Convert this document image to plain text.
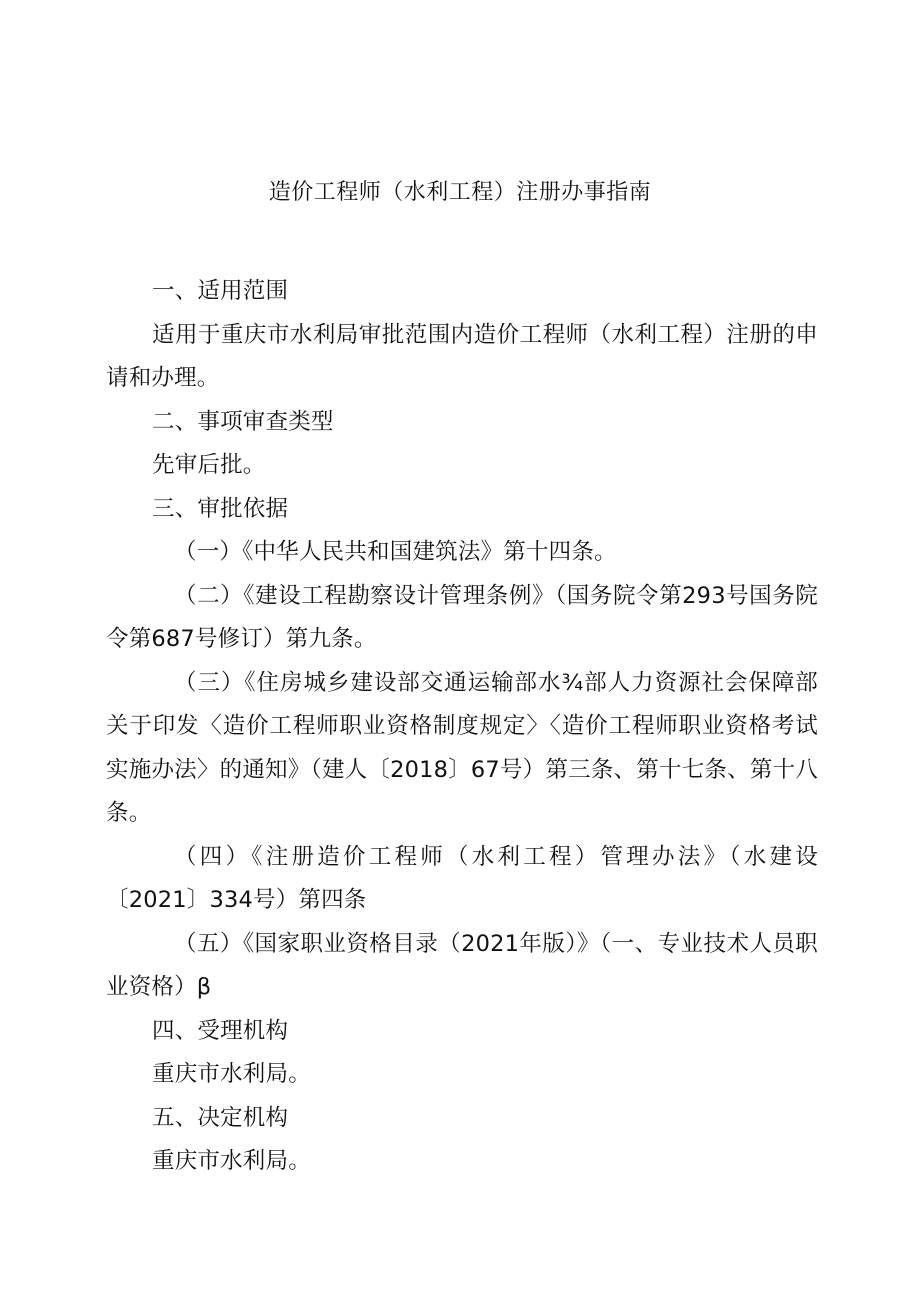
造价工程师（水利工程）注册办事指南

一、适用范围

适用于重庆市水利局审批范围内造价工程师（水利工程）注册的申请和办理。

二、事项审查类型

先审后批。

三、审批依据

（一）《中华人民共和国建筑法》第十四条。

（二）《建设工程勘察设计管理条例》（国务院令第293号国务院令第687号修订）第九条。

（三）《住房城乡建设部交通运输部水¾部人力资源社会保障部关于印发〈造价工程师职业资格制度规定〉〈造价工程师职业资格考试实施办法〉的通知》（建人〔2018〕67号）第三条、第十七条、第十八条。

（四）《注册造价工程师（水利工程）管理办法》（水建设〔2021〕334号）第四条

（五）《国家职业资格目录（2021年版）》（一、专业技术人员职业资格）β

四、受理机构

重庆市水利局。

五、决定机构

重庆市水利局。
